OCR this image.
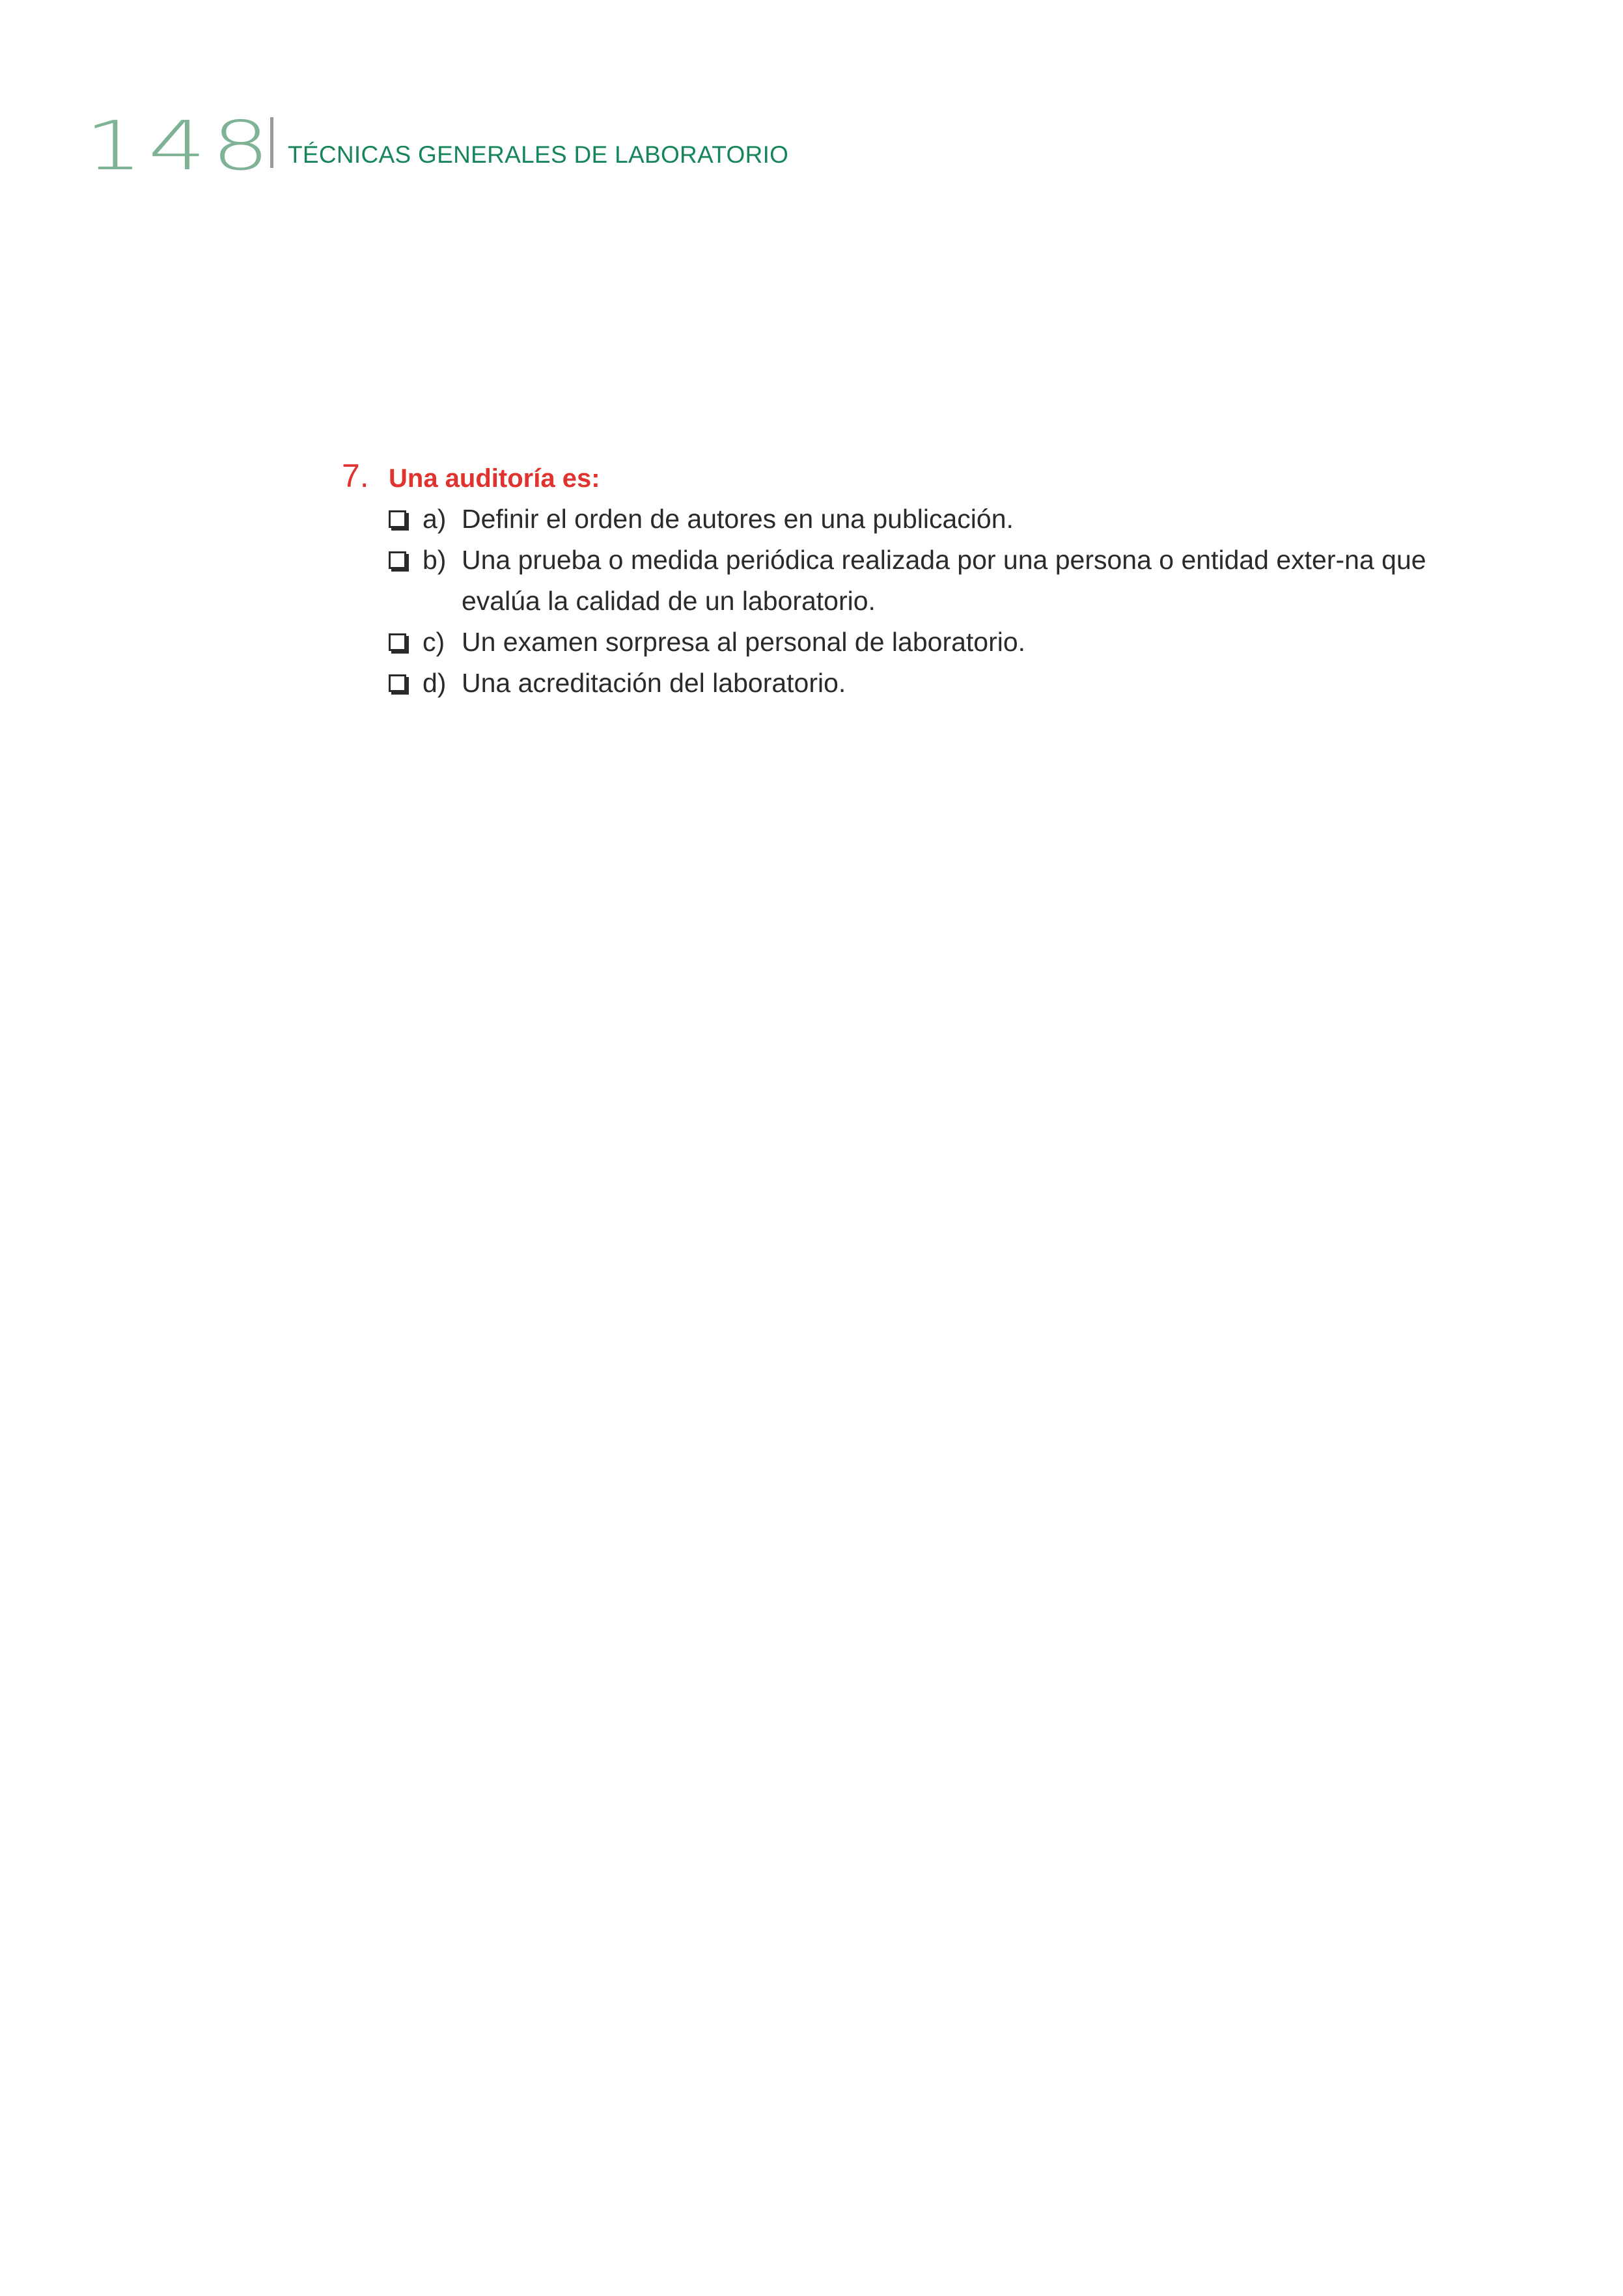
148 TÉCNICAS GENERALES DE LABORATORIO
7. Una auditoría es:
a) Definir el orden de autores en una publicación.
b) Una prueba o medida periódica realizada por una persona o entidad exter-na que evalúa la calidad de un laboratorio.
c) Un examen sorpresa al personal de laboratorio.
d) Una acreditación del laboratorio.
